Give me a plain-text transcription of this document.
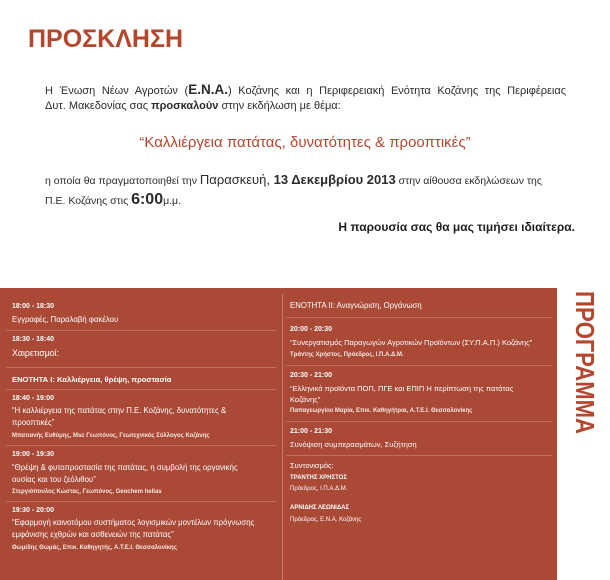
ΠΡΟΣΚΛΗΣΗ
Η Ένωση Νέων Αγροτών (Ε.Ν.Α.) Κοζάνης και η Περιφερειακή Ενότητα Κοζάνης της Περιφέρειας
Δυτ. Μακεδονίας σας προσκαλούν στην εκδήλωση με θέμα:
“Καλλιέργεια πατάτας, δυνατότητες & προοπτικές”
η οποία θα πραγματοποιηθεί την Παρασκευή, 13 Δεκεμβρίου 2013 στην αίθουσα εκδηλώσεων της
Π.Ε. Κοζάνης στις 6:00μ.μ.
Η παρουσία σας θα μας τιμήσει ιδιαίτερα.
18:00 - 18:30
Εγγραφές, Παραλαβή φακέλου
18:30 - 18:40
Χαιρετισμοί:
ΕΝΟΤΗΤΑ Ι: Καλλιέργεια, θρέψη, προστασία
18:40 - 19:00
“Η καλλιέργεια της πατάτας στην Π.Ε. Κοζάνης, δυνατότητες &
προοπτικές”
Μπατιανής Ευθύμης, Msc Γεωπόνος, Γεωτεχνικός Σύλλογος Κοζάνης
19:00 - 19:30
“Θρέψη & φυτοπροστασία της πατάτας, η συμβολή της οργανικής
ουσίας και του ζεόλιθου”
Στεργιόπουλος Κώστας, Γεωπόνος, Geochem hellas
19:30 - 20:00
“Εφαρμογή καινοτόμου συστήματος λογισμικών μοντέλων πρόγνωσης
εμφάνισης εχθρών και ασθενειών της πατάτας”
Θωμίδης Θωμάς, Επικ. Καθηγητής, Α.Τ.Ε.Ι. Θεσσαλονίκης
ΕΝΟΤΗΤΑ ΙΙ: Αναγνώριση, Οργάνωση
20:00 - 20:30
“Συνεργατισμός Παραγωγών Αγροτικών Προϊόντων (ΣΥ.Π.Α.Π.) Κοζάνης”
Τράντης Χρήστος, Πρόεδρος, Ι.Π.Α.Δ.Μ.
20:30 - 21:00
“Ελληνικά προϊόντα ΠΟΠ, ΠΓΕ και ΕΠΙΠ Η περίπτωση της πατάτας
Κοζάνης”
Παπαγεωργίου Μαρία, Επικ. Καθηγήτρια, Α.Τ.Ε.Ι. Θεσσαλονίκης
21:00 - 21:30
Συνόψιση συμπερασμάτων, Συζήτηση
Συντονισμός:
ΤΡΑΝΤΗΣ ΧΡΗΣΤΟΣ
Πρόεδρος, Ι.Π.Α.Δ.Μ.
ΑΡΝΙΔΗΣ ΛΕΩΝΙΔΑΣ
Πρόεδρος, Ε.Ν.Α. Κοζάνης
ΠΡΟΓΡΑΜΜΑ
